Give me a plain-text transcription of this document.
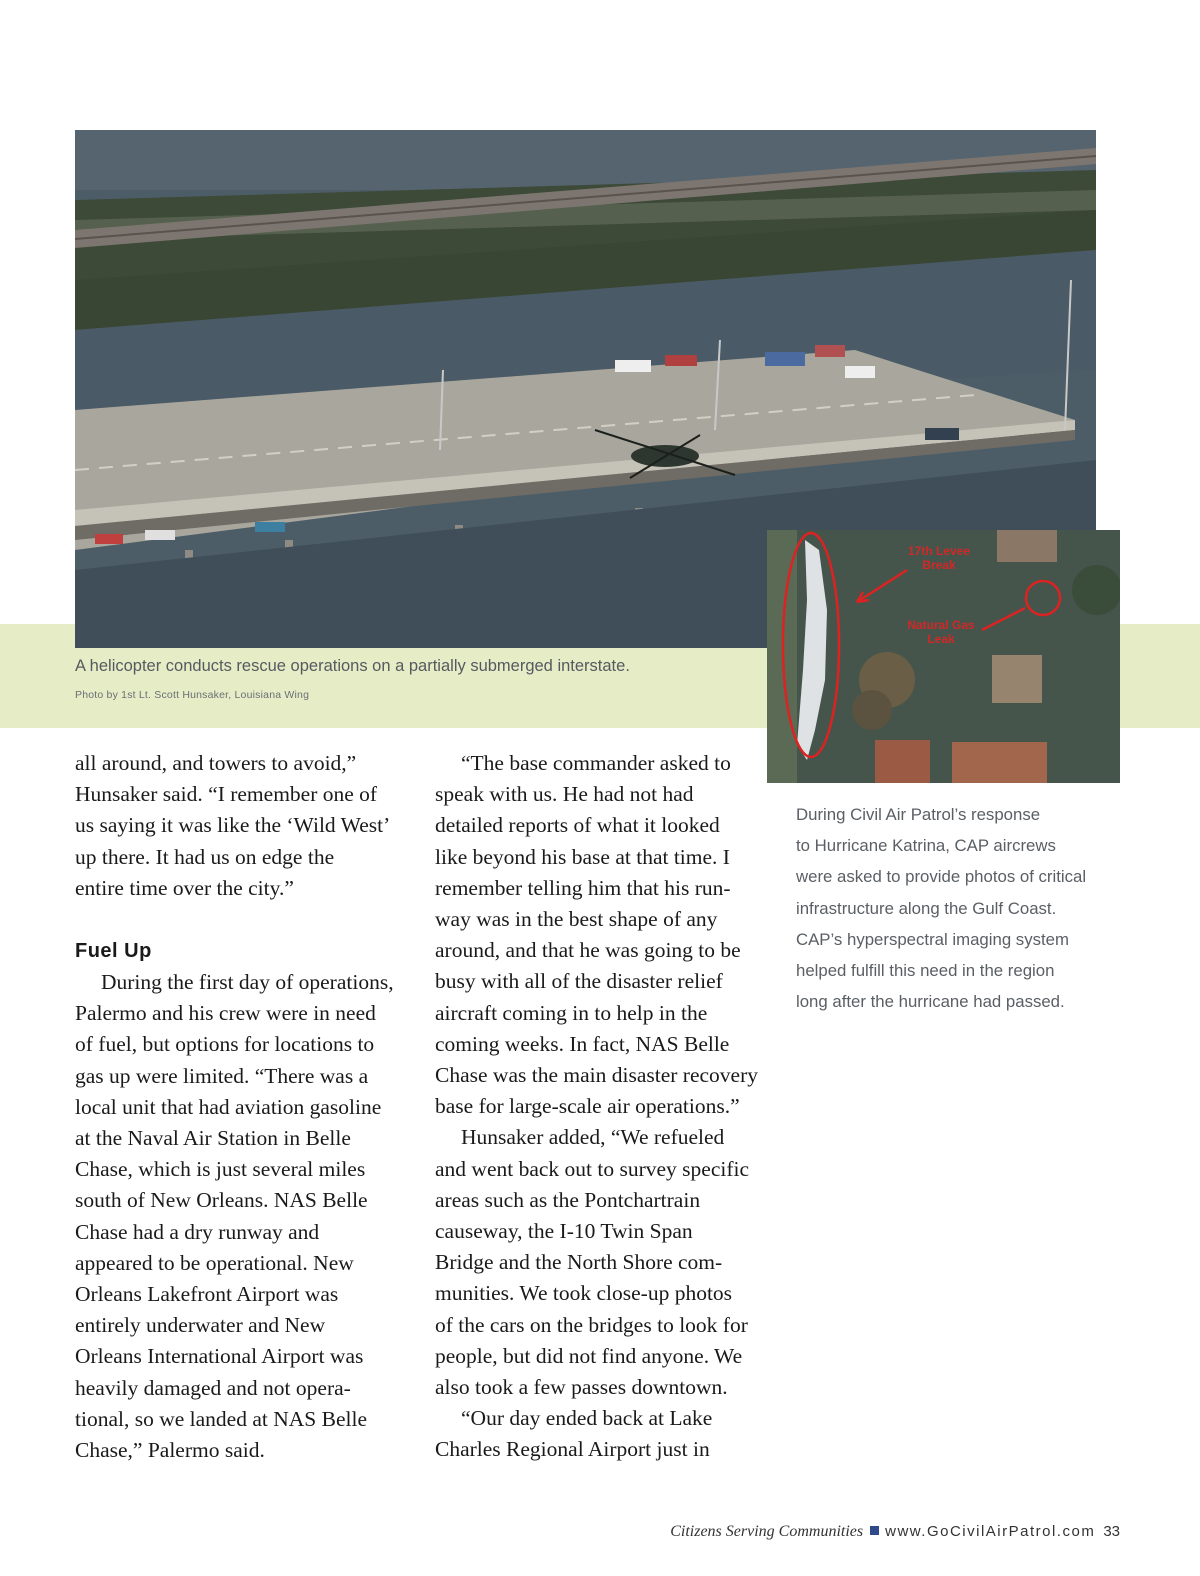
17th Levee Break
Natural Gas Leak
A helicopter conducts rescue operations on a partially submerged interstate.
Photo by 1st Lt. Scott Hunsaker, Louisiana Wing

all around, and towers to avoid,”

Hunsaker said. “I remember one of

us saying it was like the ‘Wild West’

up there. It had us on edge the

entire time over the city.”

Fuel Up

During the first day of operations,

Palermo and his crew were in need

of fuel, but options for locations to

gas up were limited. “There was a

local unit that had aviation gasoline

at the Naval Air Station in Belle

Chase, which is just several miles

south of New Orleans. NAS Belle

Chase had a dry runway and

appeared to be operational. New

Orleans Lakefront Airport was

entirely underwater and New

Orleans International Airport was

heavily damaged and not opera-

tional, so we landed at NAS Belle

Chase,” Palermo said.

“The base commander asked to

speak with us. He had not had

detailed reports of what it looked

like beyond his base at that time. I

remember telling him that his run-

way was in the best shape of any

around, and that he was going to be

busy with all of the disaster relief

aircraft coming in to help in the

coming weeks. In fact, NAS Belle

Chase was the main disaster recovery

base for large-scale air operations.”

Hunsaker added, “We refueled

and went back out to survey specific

areas such as the Pontchartrain

causeway, the I-10 Twin Span

Bridge and the North Shore com-

munities. We took close-up photos

of the cars on the bridges to look for

people, but did not find anyone. We

also took a few passes downtown.

“Our day ended back at Lake

Charles Regional Airport just in

During Civil Air Patrol’s response
to Hurricane Katrina, CAP aircrews
were asked to provide photos of critical
infrastructure along the Gulf Coast.
CAP’s hyperspectral imaging system
helped fulfill this need in the region
long after the hurricane had passed.
Citizens Serving Communities www.GoCivilAirPatrol.com 33
